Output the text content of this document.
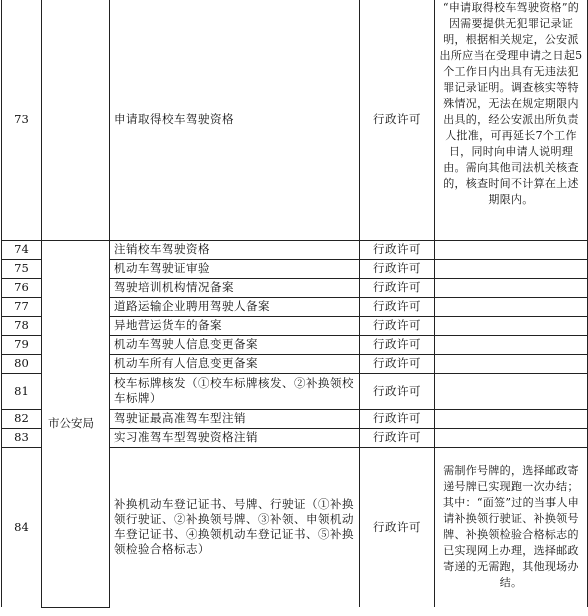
73		申请取得校车驾驶资格	行政许可	“申请取得校车驾驶资格”的因需要提供无犯罪记录证明，根据相关规定，公安派出所应当在受理申请之日起5个工作日内出具有无违法犯罪记录证明。调查核实等特殊情况，无法在规定期限内出具的，经公安派出所负责人批准，可再延长7个工作日，同时向申请人说明理由。需向其他司法机关核查的，核查时间不计算在上述期限内。
74	市公安局	注销校车驾驶资格	行政许可	
75		机动车驾驶证审验	行政许可	
76		驾驶培训机构情况备案	行政许可	
77		道路运输企业聘用驾驶人备案	行政许可	
78		异地营运货车的备案	行政许可	
79		机动车驾驶人信息变更备案	行政许可	
80		机动车所有人信息变更备案	行政许可	
81		校车标牌核发（①校车标牌核发、②补换领校车标牌）	行政许可	
82		驾驶证最高准驾车型注销	行政许可	
83		实习准驾车型驾驶资格注销	行政许可	
84		补换机动车登记证书、号牌、行驶证（①补换领行驶证、②补换领号牌、③补领、申领机动车登记证书、④换领机动车登记证书、⑤补换领检验合格标志）	行政许可	需制作号牌的，选择邮政寄递号牌已实现跑一次办结；其中：“面签”过的当事人申请补换领行驶证、补换领号牌、补换领检验合格标志的已实现网上办理，选择邮政寄递的无需跑，其他现场办结。
